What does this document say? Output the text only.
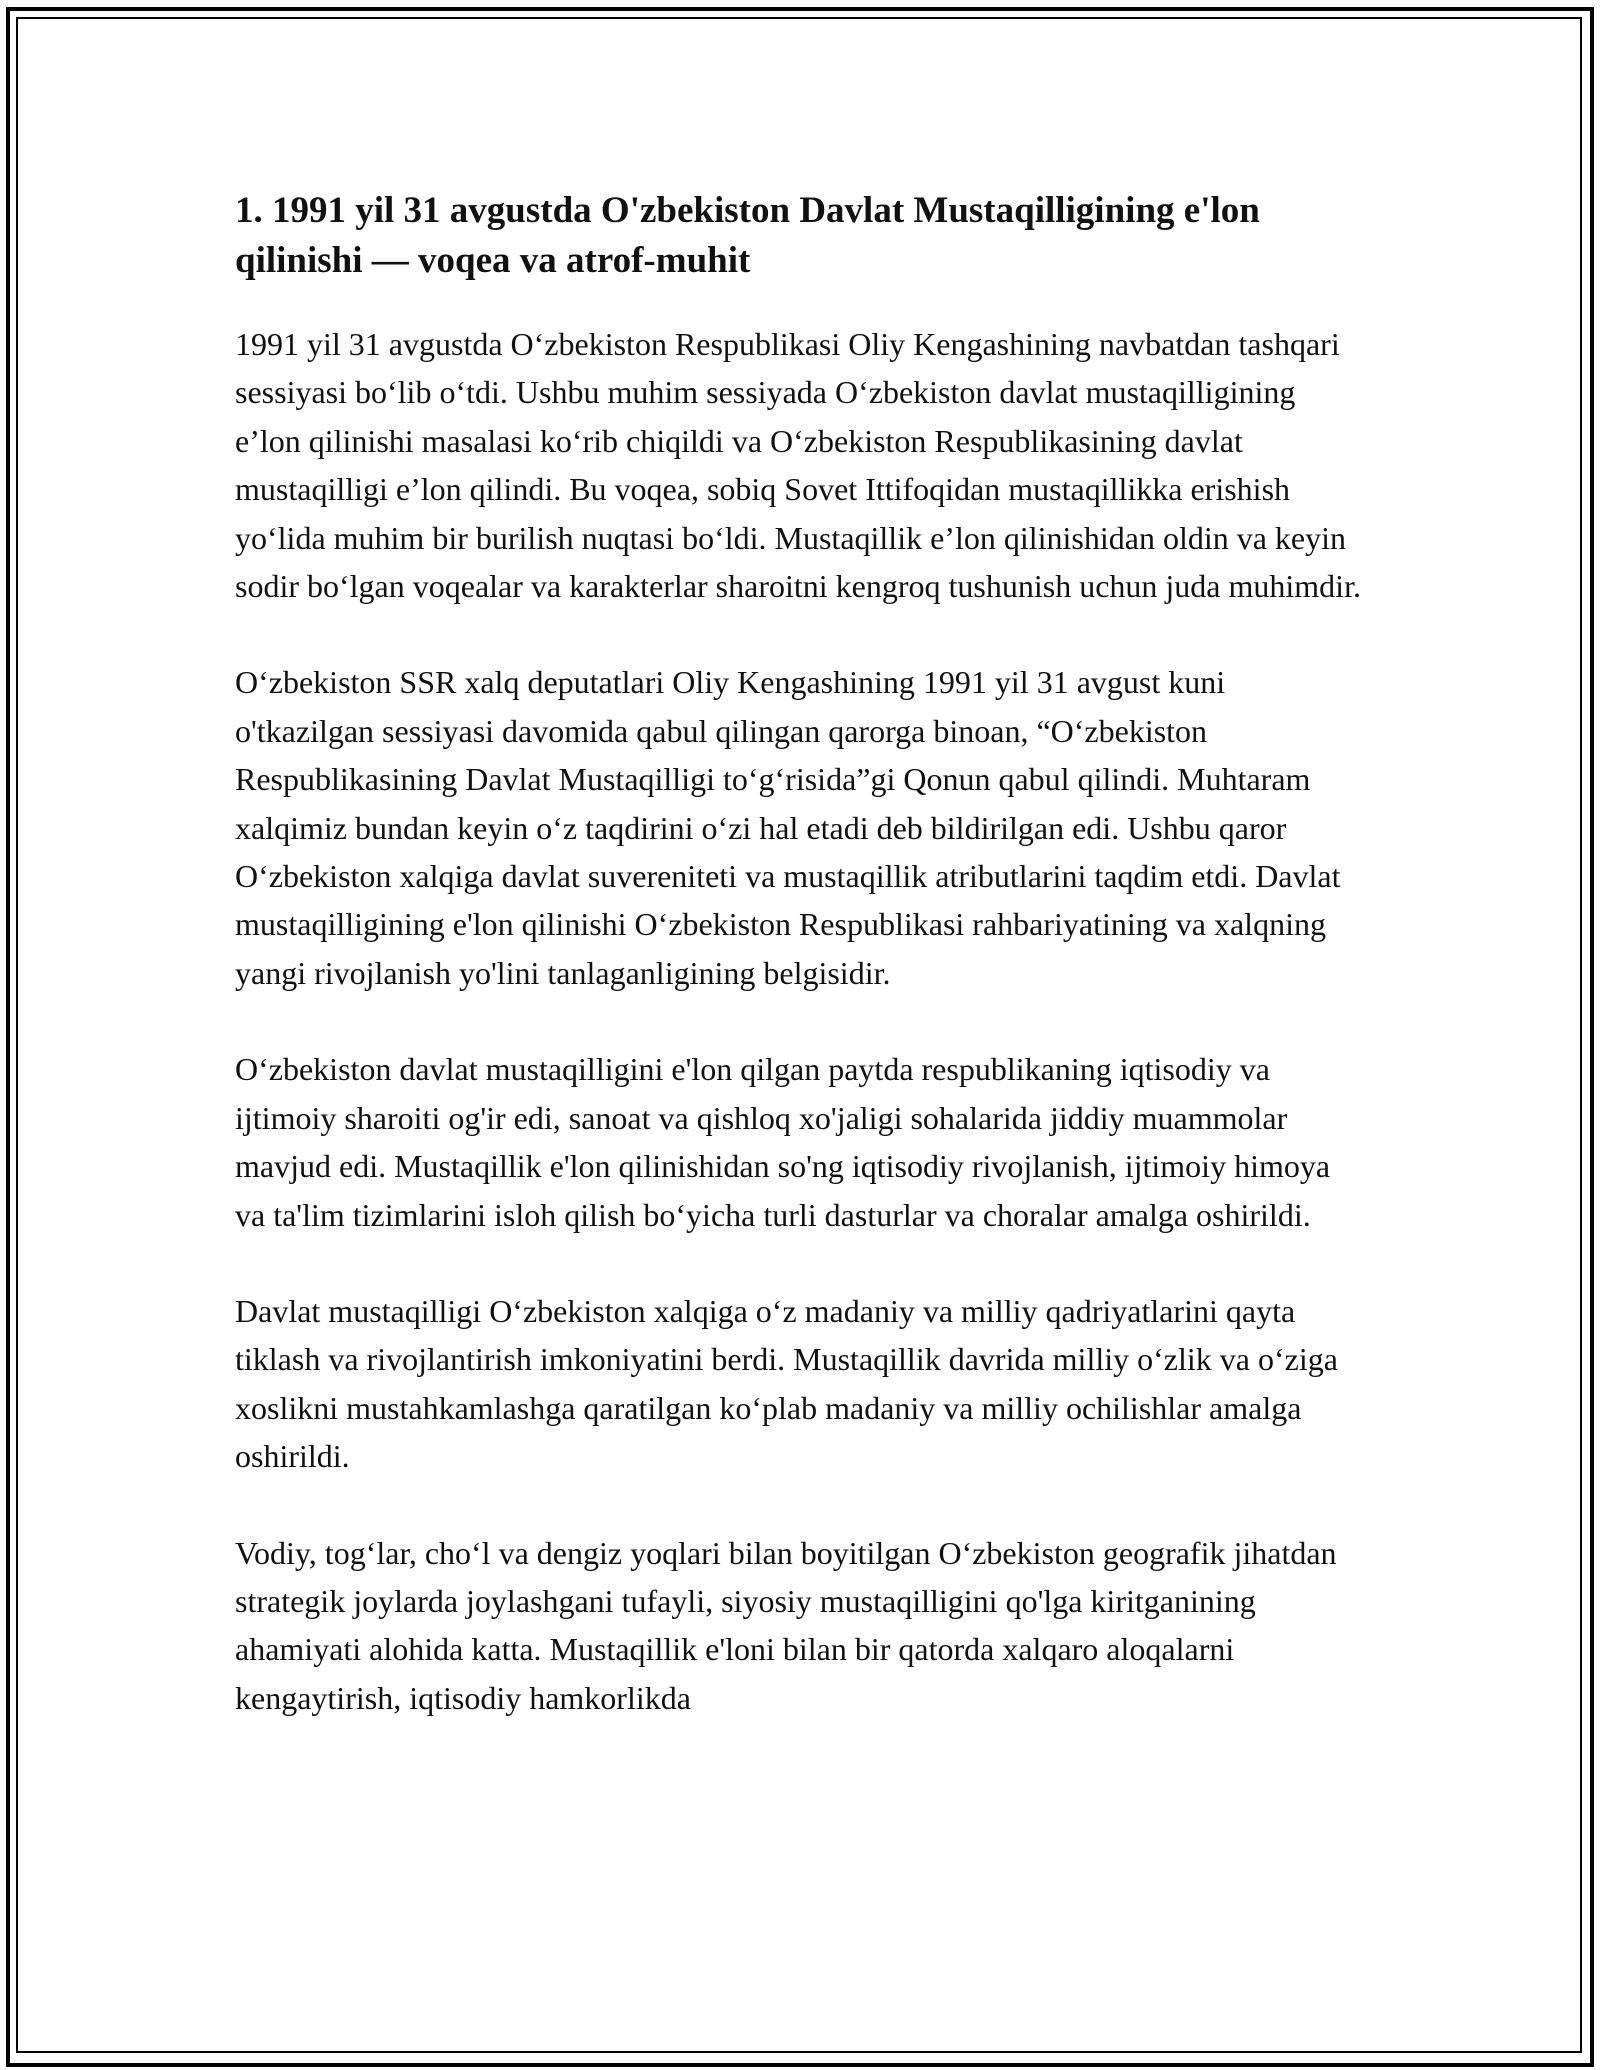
1. 1991 yil 31 avgustda O'zbekiston Davlat Mustaqilligining e'lon qilinishi — voqea va atrof-muhit

1991 yil 31 avgustda O‘zbekiston Respublikasi Oliy Kengashining navbatdan tashqari sessiyasi bo‘lib o‘tdi. Ushbu muhim sessiyada O‘zbekiston davlat mustaqilligining e’lon qilinishi masalasi ko‘rib chiqildi va O‘zbekiston Respublikasining davlat mustaqilligi e’lon qilindi. Bu voqea, sobiq Sovet Ittifoqidan mustaqillikka erishish yo‘lida muhim bir burilish nuqtasi bo‘ldi. Mustaqillik e’lon qilinishidan oldin va keyin sodir bo‘lgan voqealar va karakterlar sharoitni kengroq tushunish uchun juda muhimdir.

O‘zbekiston SSR xalq deputatlari Oliy Kengashining 1991 yil 31 avgust kuni o'tkazilgan sessiyasi davomida qabul qilingan qarorga binoan, “O‘zbekiston Respublikasining Davlat Mustaqilligi to‘g‘risida”gi Qonun qabul qilindi. Muhtaram xalqimiz bundan keyin o‘z taqdirini o‘zi hal etadi deb bildirilgan edi. Ushbu qaror O‘zbekiston xalqiga davlat suvereniteti va mustaqillik atributlarini taqdim etdi. Davlat mustaqilligining e'lon qilinishi O‘zbekiston Respublikasi rahbariyatining va xalqning yangi rivojlanish yo'lini tanlaganligining belgisidir.

O‘zbekiston davlat mustaqilligini e'lon qilgan paytda respublikaning iqtisodiy va ijtimoiy sharoiti og'ir edi, sanoat va qishloq xo'jaligi sohalarida jiddiy muammolar mavjud edi. Mustaqillik e'lon qilinishidan so'ng iqtisodiy rivojlanish, ijtimoiy himoya va ta'lim tizimlarini isloh qilish bo‘yicha turli dasturlar va choralar amalga oshirildi.

Davlat mustaqilligi O‘zbekiston xalqiga o‘z madaniy va milliy qadriyatlarini qayta tiklash va rivojlantirish imkoniyatini berdi. Mustaqillik davrida milliy o‘zlik va o‘ziga xoslikni mustahkamlashga qaratilgan ko‘plab madaniy va milliy ochilishlar amalga oshirildi.

Vodiy, tog‘lar, cho‘l va dengiz yoqlari bilan boyitilgan O‘zbekiston geografik jihatdan strategik joylarda joylashgani tufayli, siyosiy mustaqilligini qo'lga kiritganining ahamiyati alohida katta. Mustaqillik e'loni bilan bir qatorda xalqaro aloqalarni kengaytirish, iqtisodiy hamkorlikda
